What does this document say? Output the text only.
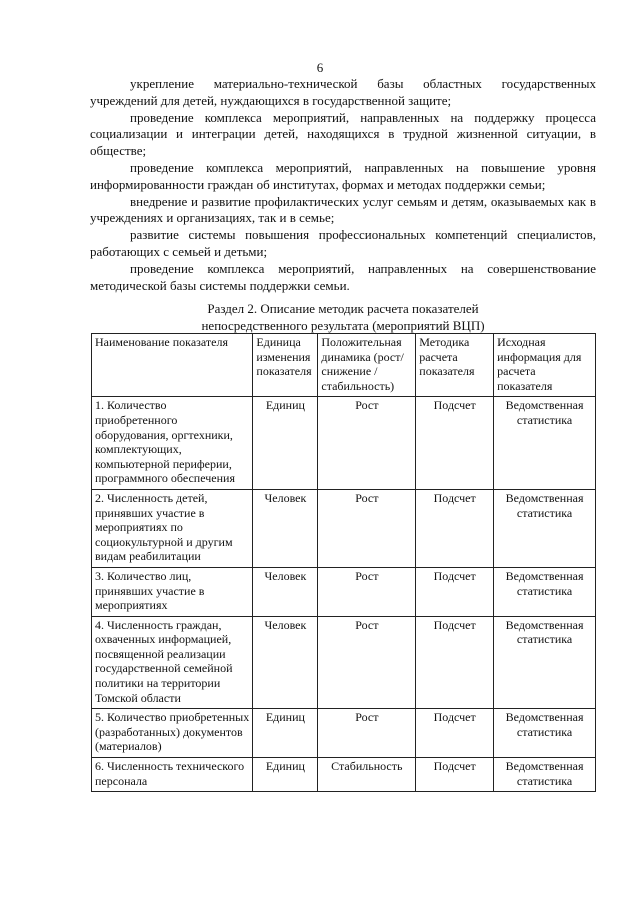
6

укрепление материально-технической базы областных государственных учреждений для детей, нуждающихся в государственной защите;

проведение комплекса мероприятий, направленных на поддержку процесса социализации и интеграции детей, находящихся в трудной жизненной ситуации, в обществе;

проведение комплекса мероприятий, направленных на повышение уровня информированности граждан об институтах, формах и методах поддержки семьи;

внедрение и развитие профилактических услуг семьям и детям, оказываемых как в учреждениях и организациях, так и в семье;

развитие системы повышения профессиональных компетенций специалистов, работающих с семьей и детьми;

проведение комплекса мероприятий, направленных на совершенствование методической базы системы поддержки семьи.

Раздел 2. Описание методик расчета показателей
непосредственного результата (мероприятий ВЦП)
Наименование показателя	Единица изменения показателя	Положительная динамика (рост/снижение /стабильность)	Методика расчета показателя	Исходная информация для расчета показателя
1. Количество приобретенного оборудования, оргтехники, комплектующих, компьютерной периферии, программного обеспечения	Единиц	Рост	Подсчет	Ведомственная статистика
2. Численность детей, принявших участие в мероприятиях по социокультурной и другим видам реабилитации	Человек	Рост	Подсчет	Ведомственная статистика
3. Количество лиц, принявших участие в мероприятиях	Человек	Рост	Подсчет	Ведомственная статистика
4. Численность граждан, охваченных информацией, посвященной реализации государственной семейной политики на территории Томской области	Человек	Рост	Подсчет	Ведомственная статистика
5. Количество приобретенных (разработанных) документов (материалов)	Единиц	Рост	Подсчет	Ведомственная статистика
6. Численность технического персонала	Единиц	Стабильность	Подсчет	Ведомственная статистика
